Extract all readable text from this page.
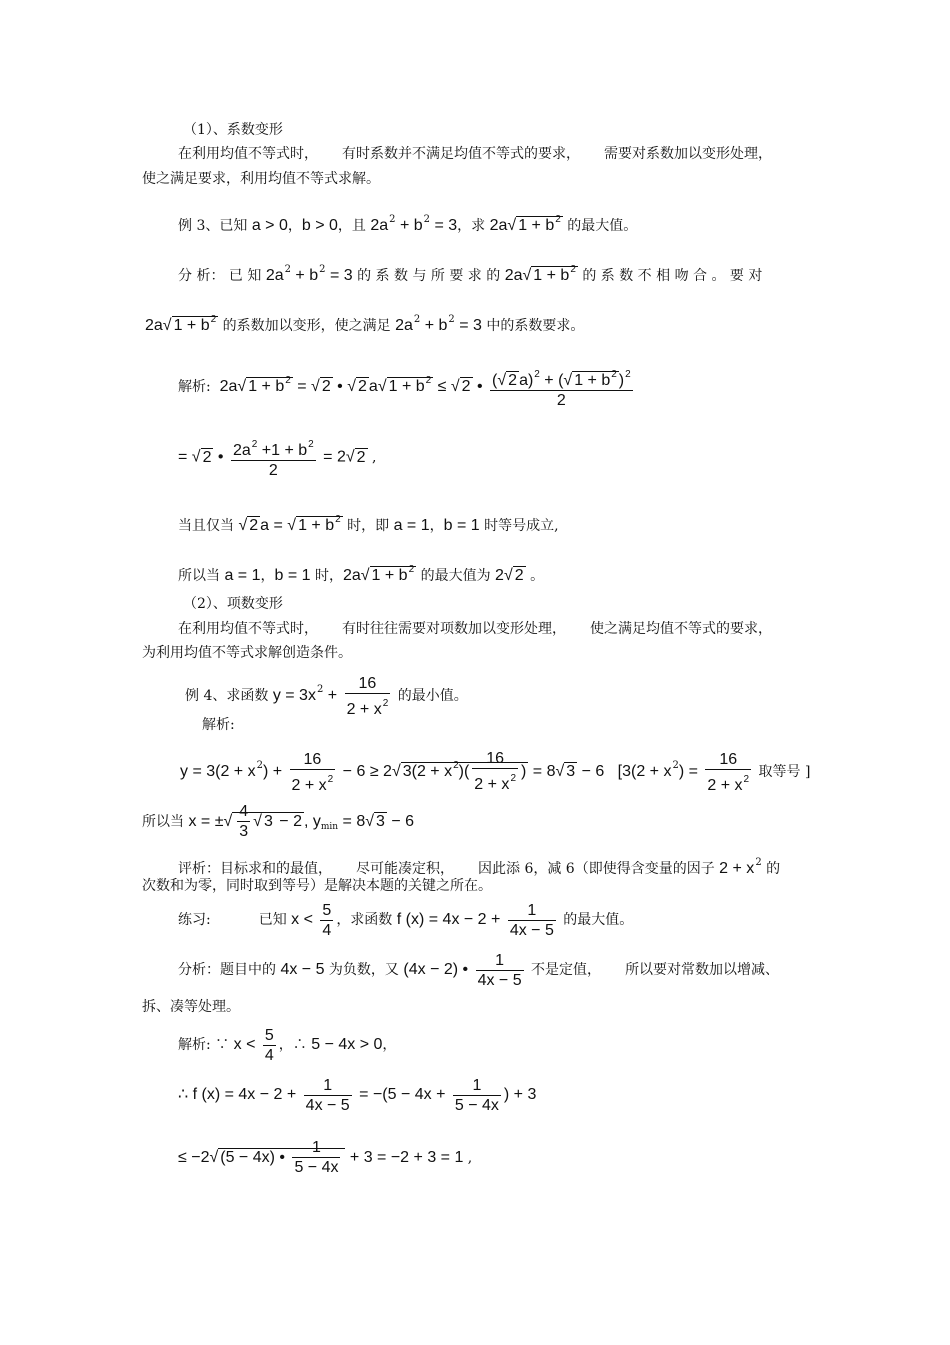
（1）、系数变形
在利用均值不等式时， 有时系数并不满足均值不等式的要求， 需要对系数加以变形处理，
使之满足要求，利用均值不等式求解。
例 3、已知 a > 0，b > 0，且 $2a^2 + b^2 = 3$，求 2a√ $1 + b^2$ 的最大值。
分 析： 已 知 $2a^2 + b^2 = 3$ 的 系 数 与 所 要 求 的 2a√ $1 + b^2$ 的 系 数 不 相 吻 合 。 要 对
2a√ $1 + b^2$ 的系数加以变形，使之满足 $2a^2 + b^2 = 3$ 中的系数要求。
解析: 2a√ $1 + b^2$ = √ 2 • √ 2 a√ $1 + b^2$ ≤ √ 2 • $\frac{(√ 2 a)^2 + (√ 1 + b^2 )^2}{2}$
= √ 2 • $\frac{2a^2 +1 + b^2}{2} = 2√$ 2 ,
当且仅当 √ 2 a = √ $1 + b^2$ 时，即 a = 1，b = 1 时等号成立,
所以当 a = 1，b = 1 时，2a√ $1 + b^2$ 的最大值为 2√ 2 。
（2）、项数变形
在利用均值不等式时， 有时往往需要对项数加以变形处理， 使之满足均值不等式的要求，
为利用均值不等式求解创造条件。
例 4、求函数 $y = 3x^2 + \frac{16}{2 + x^2}$ 的最小值。
解析:
$y = 3(2 + x^2) + \frac{16}{2 + x^2} - 6 \ge 2√$ $3(2 + x^2)( \frac{16}{2 + x^2}$ ) = 8√ 3 − 6 [$3(2 + x^2) = \frac{16}{2 + x^2}$ 取等号 ]
所以当 x = ±√ $\frac{4}{3}$ √ 3 − 2 , $y_{min} = 8√$ 3 − 6
评析：目标求和的最值， 尽可能凑定积， 因此添 6，减 6（即使得含变量的因子 $2 + x^2$ 的
次数和为零，同时取到等号）是解决本题的关键之所在。
练习:	已知 $x < \frac{5}{4}$ ，求函数 f $(x) = 4x - 2 + \frac{1}{4x - 5}$ 的最大值。
分析：题目中的 4x − 5 为负数，又 (4x − 2) • $\frac{1}{4x - 5}$ 不是定值， 所以要对常数加以增减、
拆、凑等处理。
解析: ∵ $x < \frac{5}{4}$ ，∴ 5 − 4x > 0，
∴ f $(x) = 4x - 2 + \frac{1}{4x - 5} = -(5 - 4x + \frac{1}{5 - 4x}$ ) + 3
≤ −2√ (5 − 4x) • $\frac{1}{5 - 4x} + 3 = -2 + 3 = 1$ ,
